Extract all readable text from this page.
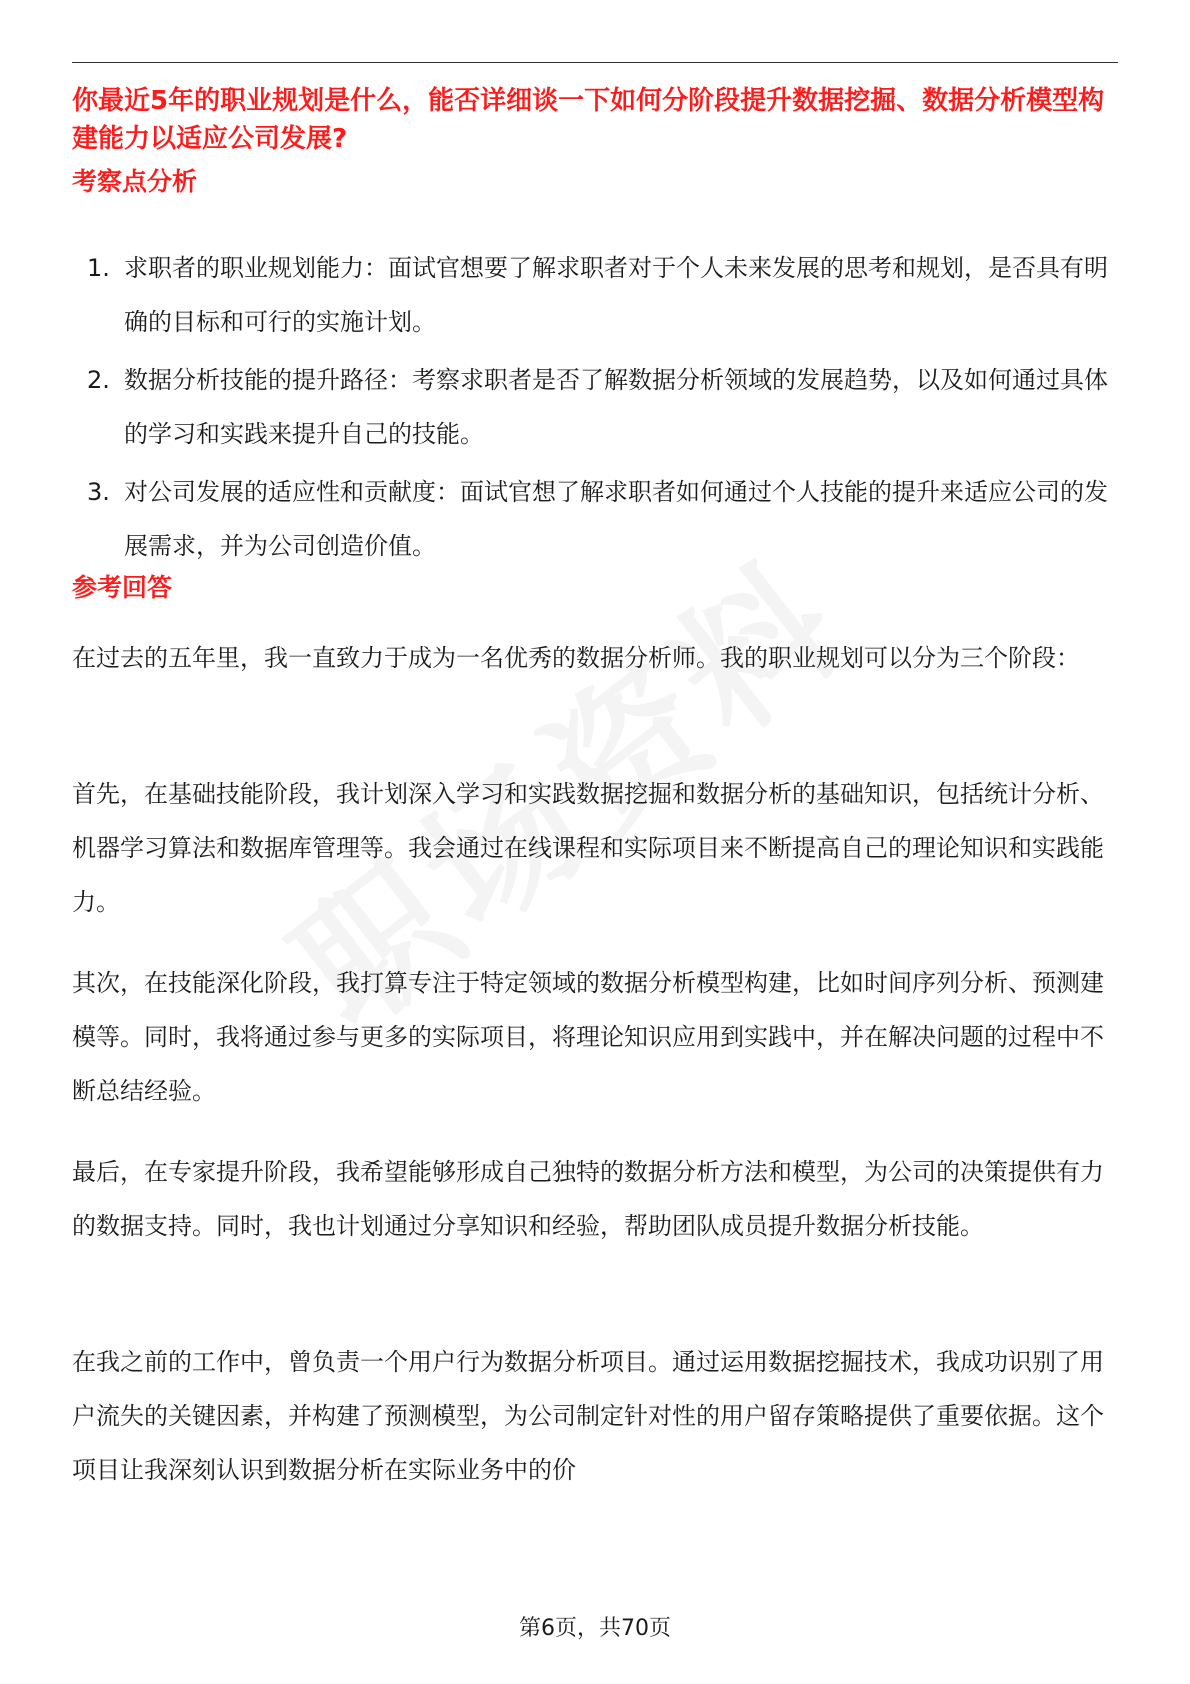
你最近5年的职业规划是什么，能否详细谈一下如何分阶段提升数据挖掘、数据分析模型构建能力以适应公司发展?

考察点分析
1. 求职者的职业规划能力：面试官想要了解求职者对于个人未来发展的思考和规划，是否具有明确的目标和可行的实施计划。
2. 数据分析技能的提升路径：考察求职者是否了解数据分析领域的发展趋势，以及如何通过具体的学习和实践来提升自己的技能。
3. 对公司发展的适应性和贡献度：面试官想了解求职者如何通过个人技能的提升来适应公司的发展需求，并为公司创造价值。
参考回答

在过去的五年里，我一直致力于成为一名优秀的数据分析师。我的职业规划可以分为三个阶段：

首先，在基础技能阶段，我计划深入学习和实践数据挖掘和数据分析的基础知识，包括统计分析、机器学习算法和数据库管理等。我会通过在线课程和实际项目来不断提高自己的理论知识和实践能力。

其次，在技能深化阶段，我打算专注于特定领域的数据分析模型构建，比如时间序列分析、预测建模等。同时，我将通过参与更多的实际项目，将理论知识应用到实践中，并在解决问题的过程中不断总结经验。

最后，在专家提升阶段，我希望能够形成自己独特的数据分析方法和模型，为公司的决策提供有力的数据支持。同时，我也计划通过分享知识和经验，帮助团队成员提升数据分析技能。

在我之前的工作中，曾负责一个用户行为数据分析项目。通过运用数据挖掘技术，我成功识别了用户流失的关键因素，并构建了预测模型，为公司制定针对性的用户留存策略提供了重要依据。这个项目让我深刻认识到数据分析在实际业务中的价

第6页，共70页
